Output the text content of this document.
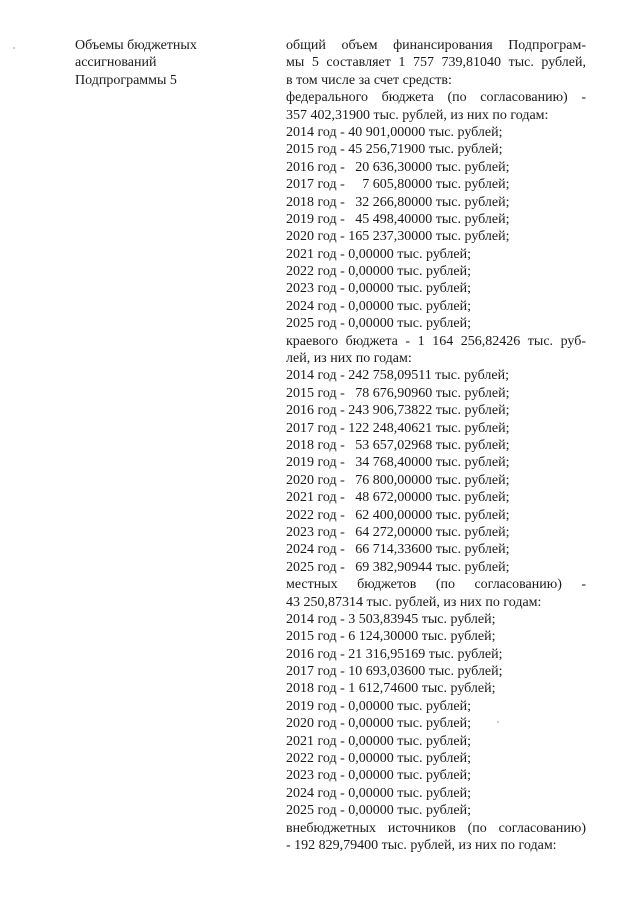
Объемы бюджетных
ассигнований
Подпрограммы 5
общий объем финансирования Подпрограм-
мы 5 составляет 1 757 739,81040 тыс. рублей,
в том числе за счет средств:
федерального бюджета (по согласованию) -
357 402,31900 тыс. рублей, из них по годам:
2014 год - 40 901,00000 тыс. рублей;
2015 год - 45 256,71900 тыс. рублей;
2016 год -   20 636,30000 тыс. рублей;
2017 год -     7 605,80000 тыс. рублей;
2018 год -   32 266,80000 тыс. рублей;
2019 год -   45 498,40000 тыс. рублей;
2020 год - 165 237,30000 тыс. рублей;
2021 год - 0,00000 тыс. рублей;
2022 год - 0,00000 тыс. рублей;
2023 год - 0,00000 тыс. рублей;
2024 год - 0,00000 тыс. рублей;
2025 год - 0,00000 тыс. рублей;
краевого бюджета - 1 164 256,82426 тыс. руб-
лей, из них по годам:
2014 год - 242 758,09511 тыс. рублей;
2015 год -   78 676,90960 тыс. рублей;
2016 год - 243 906,73822 тыс. рублей;
2017 год - 122 248,40621 тыс. рублей;
2018 год -   53 657,02968 тыс. рублей;
2019 год -   34 768,40000 тыс. рублей;
2020 год -   76 800,00000 тыс. рублей;
2021 год -   48 672,00000 тыс. рублей;
2022 год -   62 400,00000 тыс. рублей;
2023 год -   64 272,00000 тыс. рублей;
2024 год -   66 714,33600 тыс. рублей;
2025 год -   69 382,90944 тыс. рублей;
местных бюджетов (по согласованию) -
43 250,87314 тыс. рублей, из них по годам:
2014 год - 3 503,83945 тыс. рублей;
2015 год - 6 124,30000 тыс. рублей;
2016 год - 21 316,95169 тыс. рублей;
2017 год - 10 693,03600 тыс. рублей;
2018 год - 1 612,74600 тыс. рублей;
2019 год - 0,00000 тыс. рублей;
2020 год - 0,00000 тыс. рублей;
2021 год - 0,00000 тыс. рублей;
2022 год - 0,00000 тыс. рублей;
2023 год - 0,00000 тыс. рублей;
2024 год - 0,00000 тыс. рублей;
2025 год - 0,00000 тыс. рублей;
внебюджетных источников (по согласованию)
- 192 829,79400 тыс. рублей, из них по годам:
